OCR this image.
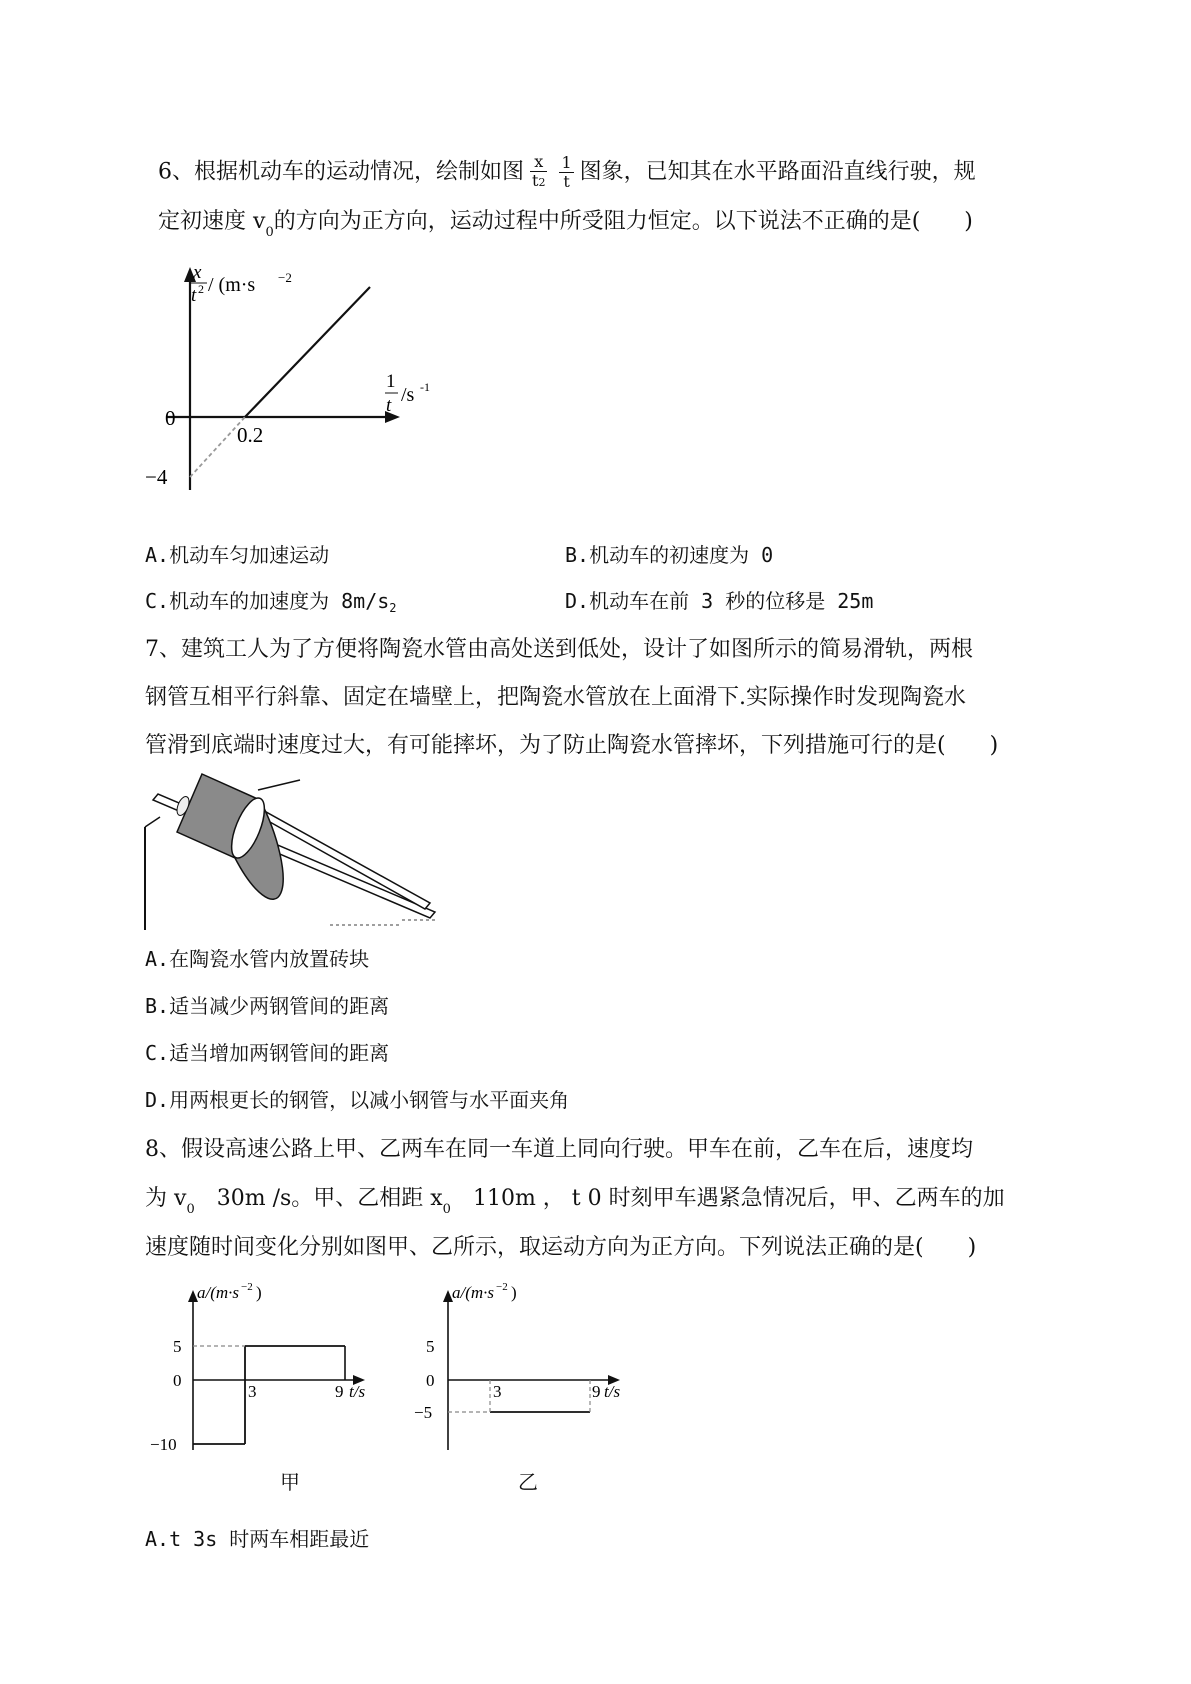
6、根据机动车的运动情况，绘制如图 $\frac{x}{t2} \frac{1}{t}$ 图象，已知其在水平路面沿直线行驶，规
定初速度 $v_0$的方向为正方向，运动过程中所受阻力恒定。以下说法不正确的是(　　)
0
0.2
−4
x
t 2 / (m·s −2
1
t /s -1
A.机动车匀加速运动	B.机动车的初速度为 0
C.机动车的加速度为 $8m/s_2$	D.机动车在前 3 秒的位移是 25m
7、建筑工人为了方便将陶瓷水管由高处送到低处，设计了如图所示的简易滑轨，两根
钢管互相平行斜靠、固定在墙壁上，把陶瓷水管放在上面滑下.实际操作时发现陶瓷水
管滑到底端时速度过大，有可能摔坏，为了防止陶瓷水管摔坏，下列措施可行的是(　　)
A.在陶瓷水管内放置砖块
B.适当减少两钢管间的距离
C.适当增加两钢管间的距离
D.用两根更长的钢管，以减小钢管与水平面夹角
8、假设高速公路上甲、乙两车在同一车道上同向行驶。甲车在前，乙车在后，速度均
为 $v_0$ 30m /s。甲、乙相距 $x_0$ 110m ， t 0 时刻甲车遇紧急情况后，甲、乙两车的加
速度随时间变化分别如图甲、乙所示，取运动方向为正方向。下列说法正确的是(　　)
a/(m·s −2 )
5
0
−10
3	9 t/s
甲
a/(m·s −2 )
5
0
−5
3	9 t/s
乙
A.t 3s 时两车相距最近
